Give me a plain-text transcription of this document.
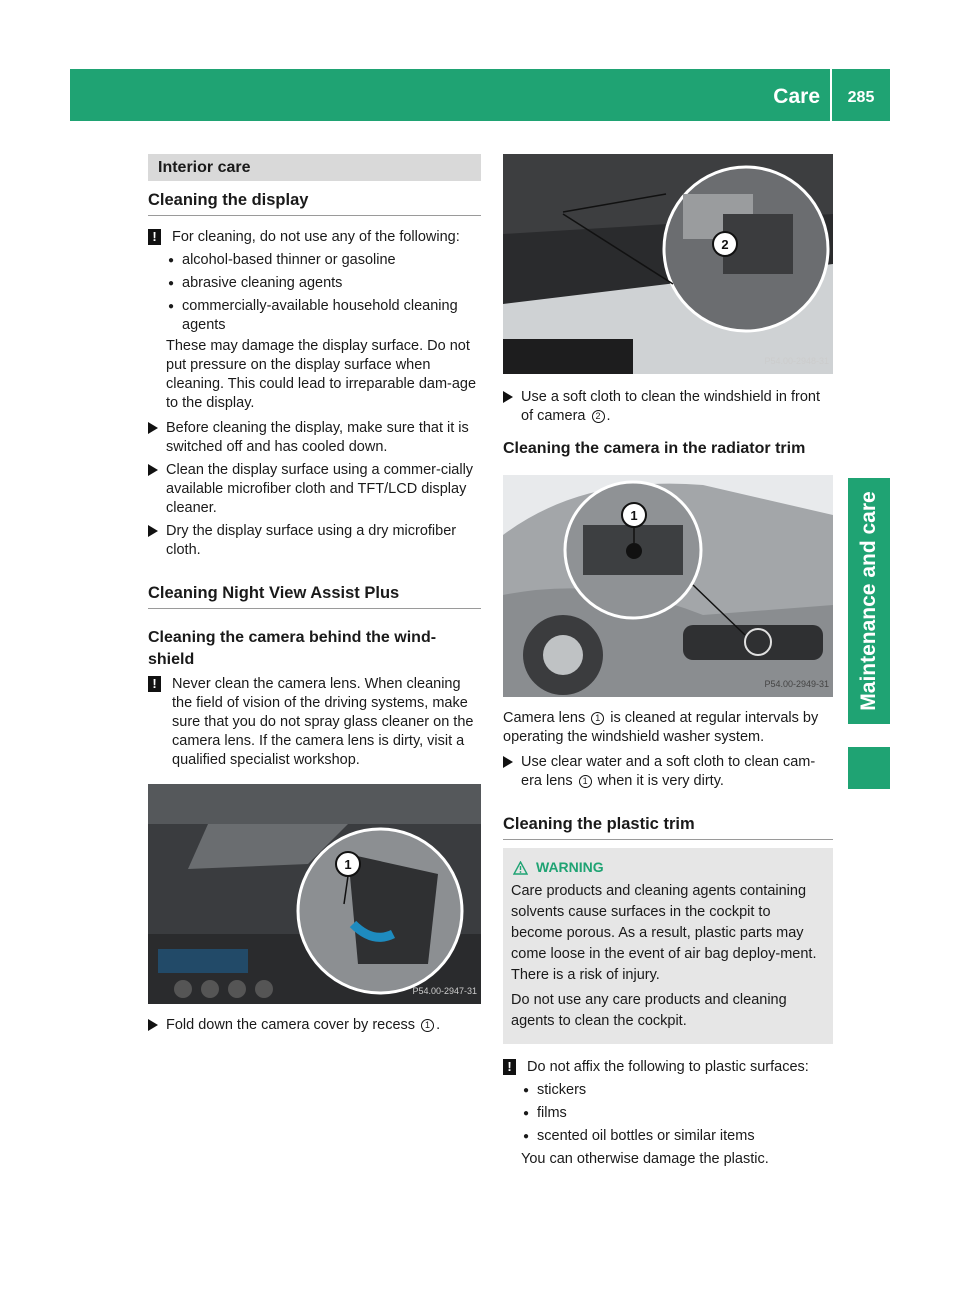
Care	285
Maintenance and care
Interior care
Cleaning the display
! For cleaning, do not use any of the following:
● alcohol-based thinner or gasoline
● abrasive cleaning agents
● commercially-available household cleaning agents

These may damage the display surface. Do not put pressure on the display surface when cleaning. This could lead to irreparable dam-age to the display.

Before cleaning the display, make sure that it is switched off and has cooled down.
Clean the display surface using a commer-cially available microfiber cloth and TFT/LCD display cleaner.
Dry the display surface using a dry microfiber cloth.
Cleaning Night View Assist Plus
Cleaning the camera behind the wind-shield
! Never clean the camera lens. When cleaning the field of vision of the driving systems, make sure that you do not spray glass cleaner on the camera lens. If the camera lens is dirty, visit a qualified specialist workshop.
1
P54.00-2947-31
Fold down the camera cover by recess 1 .
2
P54.00-2948-31
Use a soft cloth to clean the windshield in front of camera 2 .
Cleaning the camera in the radiator trim
1
P54.00-2949-31

Camera lens 1 is cleaned at regular intervals by operating the windshield washer system.

Use clear water and a soft cloth to clean cam-era lens 1 when it is very dirty.
Cleaning the plastic trim
WARNING

Care products and cleaning agents containing solvents cause surfaces in the cockpit to become porous. As a result, plastic parts may come loose in the event of air bag deploy-ment. There is a risk of injury.

Do not use any care products and cleaning agents to clean the cockpit.

! Do not affix the following to plastic surfaces:
● stickers
● films
● scented oil bottles or similar items

You can otherwise damage the plastic.
